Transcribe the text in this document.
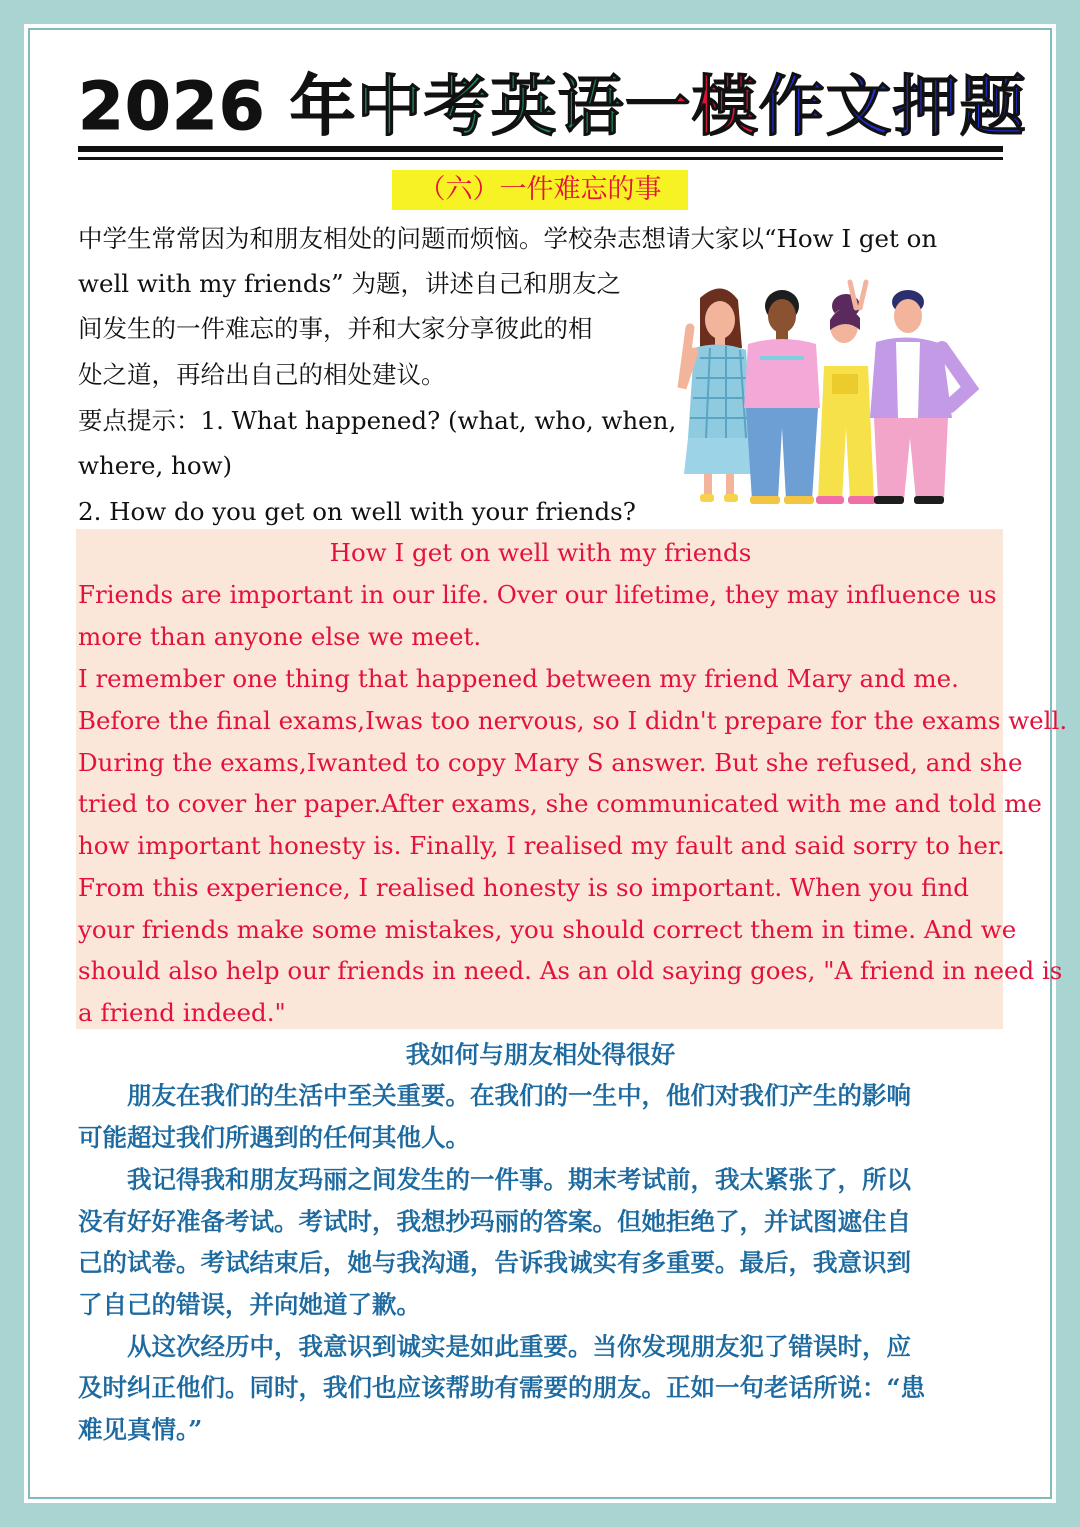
2026 年中考英语一模作文押题
（六）一件难忘的事
中学生常常因为和朋友相处的问题而烦恼。学校杂志想请大家以“How I get on
well with my friends” 为题，讲述自己和朋友之
间发生的一件难忘的事，并和大家分享彼此的相
处之道，再给出自己的相处建议。
要点提示：1. What happened? (what, who, when,
where, how)
2. How do you get on well with your friends?
How I get on well with my friends
Friends are important in our life. Over our lifetime, they may influence us
more than anyone else we meet.
I remember one thing that happened between my friend Mary and me.
Before the final exams,Iwas too nervous, so I didn't prepare for the exams well.
During the exams,Iwanted to copy Mary S answer. But she refused, and she
tried to cover her paper.After exams, she communicated with me and told me
how important honesty is. Finally, I realised my fault and said sorry to her.
From this experience, I realised honesty is so important. When you find
your friends make some mistakes, you should correct them in time. And we
should also help our friends in need. As an old saying goes, "A friend in need is
a friend indeed."
我如何与朋友相处得很好
　　朋友在我们的生活中至关重要。在我们的一生中，他们对我们产生的影响
可能超过我们所遇到的任何其他人。
　　我记得我和朋友玛丽之间发生的一件事。期末考试前，我太紧张了，所以
没有好好准备考试。考试时，我想抄玛丽的答案。但她拒绝了，并试图遮住自
己的试卷。考试结束后，她与我沟通，告诉我诚实有多重要。最后，我意识到
了自己的错误，并向她道了歉。
　　从这次经历中，我意识到诚实是如此重要。当你发现朋友犯了错误时，应
及时纠正他们。同时，我们也应该帮助有需要的朋友。正如一句老话所说：“患
难见真情。”
